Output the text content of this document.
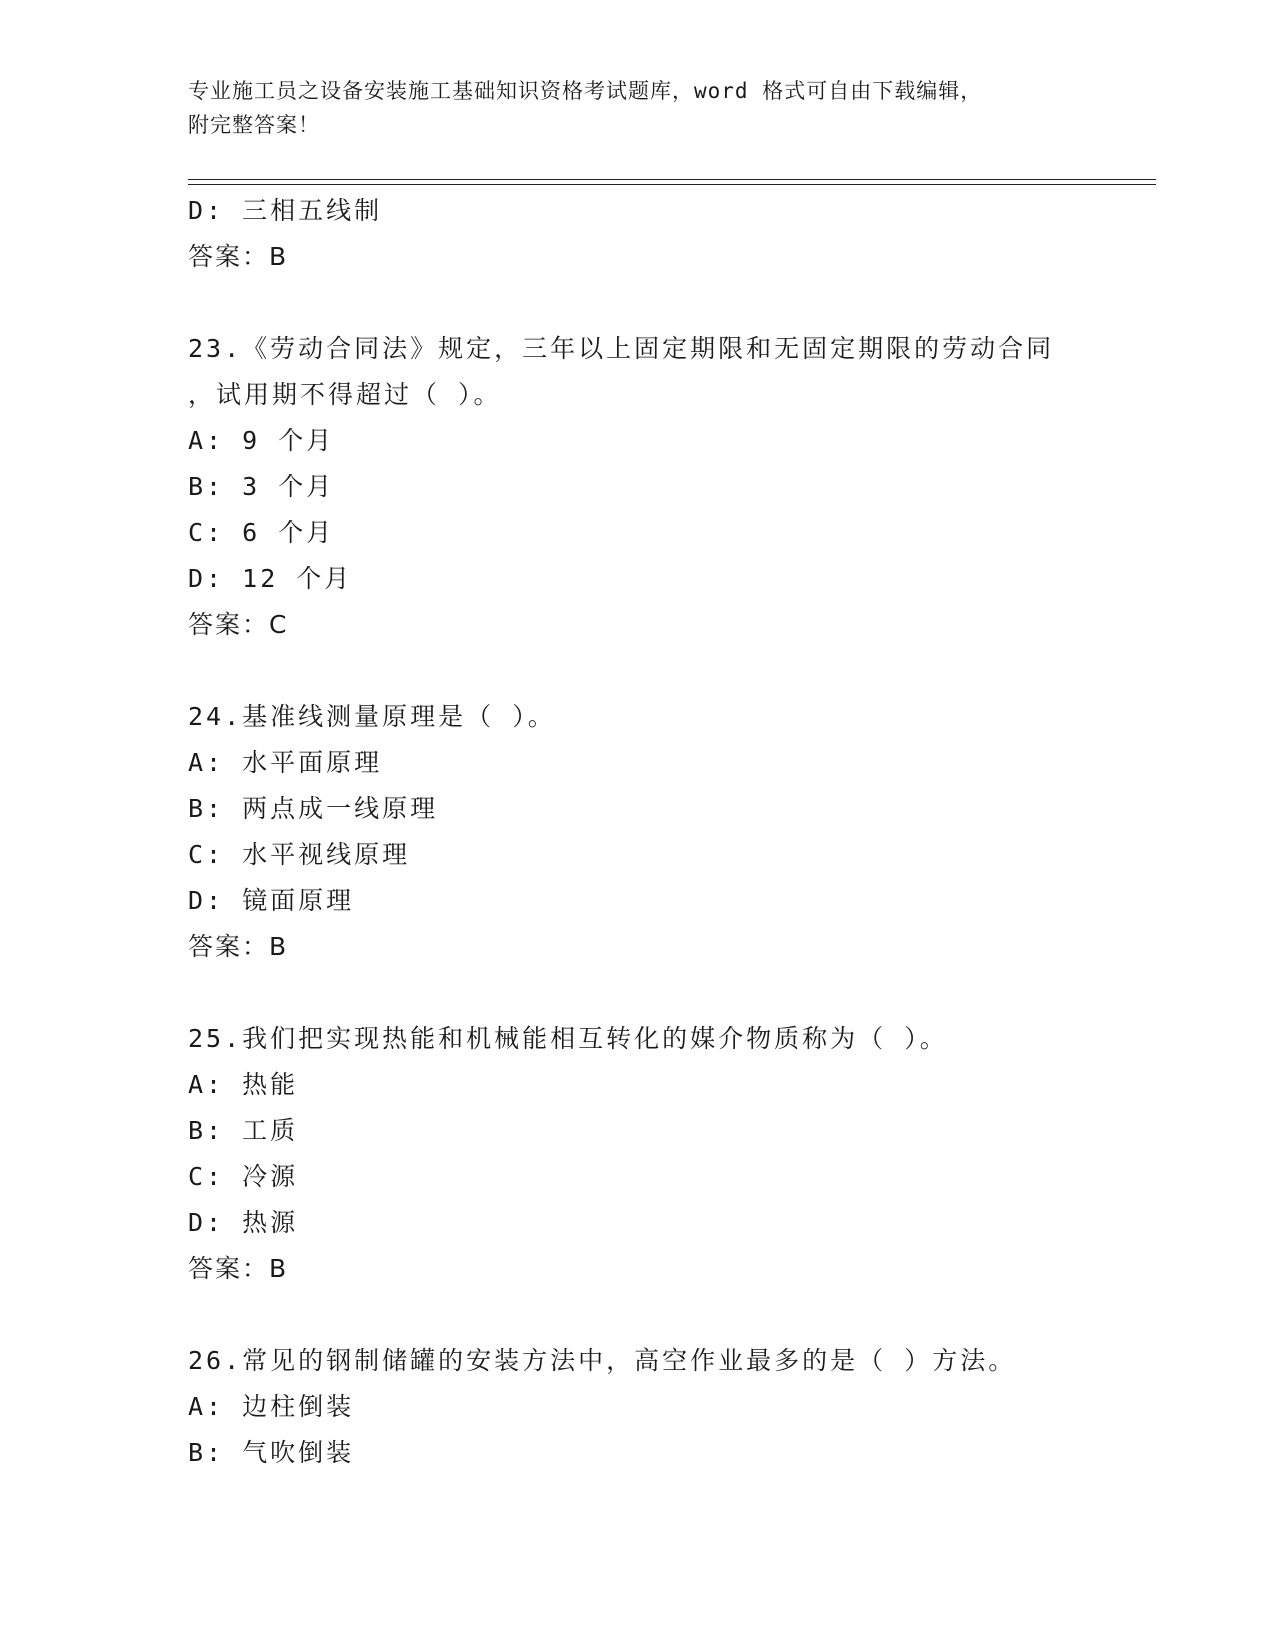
专业施工员之设备安装施工基础知识资格考试题库，word 格式可自由下载编辑，
附完整答案！
D: 三相五线制
答案：B
23.《劳动合同法》规定，三年以上固定期限和无固定期限的劳动合同
，试用期不得超过（ ）。
A: 9 个月
B: 3 个月
C: 6 个月
D: 12 个月
答案：C
24.基准线测量原理是（ ）。
A: 水平面原理
B: 两点成一线原理
C: 水平视线原理
D: 镜面原理
答案：B
25.我们把实现热能和机械能相互转化的媒介物质称为（ ）。
A: 热能
B: 工质
C: 冷源
D: 热源
答案：B
26.常见的钢制储罐的安装方法中，高空作业最多的是（ ）方法。
A: 边柱倒装
B: 气吹倒装
